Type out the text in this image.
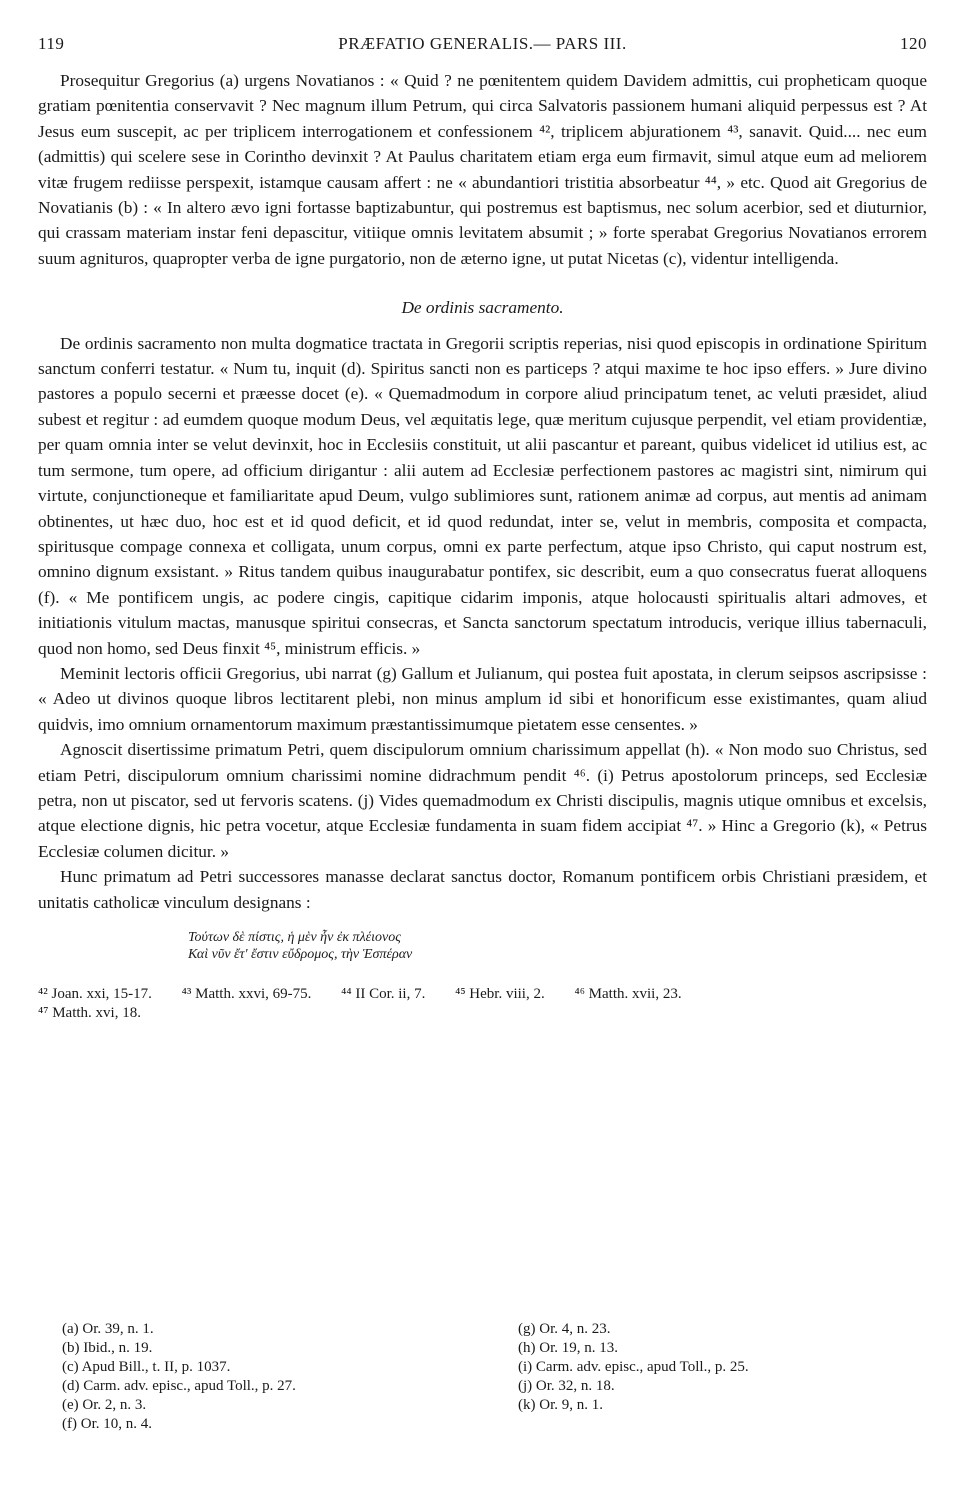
119	PRÆFATIO GENERALIS.— PARS III.	120

Prosequitur Gregorius (a) urgens Novatianos : « Quid ? ne pœnitentem quidem Davidem admittis, cui propheticam quoque gratiam pœnitentia conservavit ? Nec magnum illum Petrum, qui circa Salvatoris passionem humani aliquid perpessus est ? At Jesus eum suscepit, ac per triplicem interrogationem et confessionem ⁴², triplicem abjurationem ⁴³, sanavit. Quid.... nec eum (admittis) qui scelere sese in Corintho devinxit ? At Paulus charitatem etiam erga eum firmavit, simul atque eum ad meliorem vitæ frugem rediisse perspexit, istamque causam affert : ne « abundantiori tristitia absorbeatur ⁴⁴, » etc. Quod ait Gregorius de Novatianis (b) : « In altero ævo igni fortasse baptizabuntur, qui postremus est baptismus, nec solum acerbior, sed et diuturnior, qui crassam materiam instar feni depascitur, vitiique omnis levitatem absumit ; » forte sperabat Gregorius Novatianos errorem suum agnituros, quapropter verba de igne purgatorio, non de æterno igne, ut putat Nicetas (c), videntur intelligenda.

De ordinis sacramento.

De ordinis sacramento non multa dogmatice tractata in Gregorii scriptis reperias, nisi quod episcopis in ordinatione Spiritum sanctum conferri testatur. « Num tu, inquit (d). Spiritus sancti non es particeps ? atqui maxime te hoc ipso effers. » Jure divino pastores a populo secerni et præesse docet (e). « Quemadmodum in corpore aliud principatum tenet, ac veluti præsidet, aliud subest et regitur : ad eumdem quoque modum Deus, vel æquitatis lege, quæ meritum cujusque perpendit, vel etiam providentiæ, per quam omnia inter se velut devinxit, hoc in Ecclesiis constituit, ut alii pascantur et pareant, quibus videlicet id utilius est, ac tum sermone, tum opere, ad officium dirigantur : alii autem ad Ecclesiæ perfectionem pastores ac magistri sint, nimirum qui virtute, conjunctioneque et familiaritate apud Deum, vulgo sublimiores sunt, rationem animæ ad corpus, aut mentis ad animam obtinentes, ut hæc duo, hoc est et id quod deficit, et id quod redundat, inter se, velut in membris, composita et compacta, spiritusque compage connexa et colligata, unum corpus, omni ex parte perfectum, atque ipso Christo, qui caput nostrum est, omnino dignum exsistant. » Ritus tandem quibus inaugurabatur pontifex, sic describit, eum a quo consecratus fuerat alloquens (f). « Me pontificem ungis, ac podere cingis, capitique cidarim imponis, atque holocausti spiritualis altari admoves, et initiationis vitulum mactas, manusque spiritui consecras, et Sancta sanctorum spectatum introducis, verique illius tabernaculi, quod non homo, sed Deus finxit ⁴⁵, ministrum efficis. »

Meminit lectoris officii Gregorius, ubi narrat (g) Gallum et Julianum, qui postea fuit apostata, in clerum seipsos ascripsisse : « Adeo ut divinos quoque libros lectitarent plebi, non minus amplum id sibi et honorificum esse existimantes, quam aliud quidvis, imo omnium ornamentorum maximum præstantissimumque pietatem esse censentes. »

Agnoscit disertissime primatum Petri, quem discipulorum omnium charissimum appellat (h). « Non modo suo Christus, sed etiam Petri, discipulorum omnium charissimi nomine didrachmum pendit ⁴⁶. (i) Petrus apostolorum princeps, sed Ecclesiæ petra, non ut piscator, sed ut fervoris scatens. (j) Vides quemadmodum ex Christi discipulis, magnis utique omnibus et excelsis, atque electione dignis, hic petra vocetur, atque Ecclesiæ fundamenta in suam fidem accipiat ⁴⁷. » Hinc a Gregorio (k), « Petrus Ecclesiæ columen dicitur. »

Hunc primatum ad Petri successores manasse declarat sanctus doctor, Romanum pontificem orbis Christiani præsidem, et unitatis catholicæ vinculum designans :

Τούτων δὲ πίστις, ἡ μὲν ἦν ἐκ πλέιονος
Καὶ νῦν ἔτ' ἔστιν εὔδρομος, τὴν Ἑσπέραν
⁴² Joan. xxi, 15-17. ⁴³ Matth. xxvi, 69-75. ⁴⁴ II Cor. ii, 7. ⁴⁵ Hebr. viii, 2. ⁴⁶ Matth. xvii, 23.
⁴⁷ Matth. xvi, 18.
(a) Or. 39, n. 1.
(b) Ibid., n. 19.
(c) Apud Bill., t. II, p. 1037.
(d) Carm. adv. episc., apud Toll., p. 27.
(e) Or. 2, n. 3.
(f) Or. 10, n. 4.
(g) Or. 4, n. 23.
(h) Or. 19, n. 13.
(i) Carm. adv. episc., apud Toll., p. 25.
(j) Or. 32, n. 18.
(k) Or. 9, n. 1.
